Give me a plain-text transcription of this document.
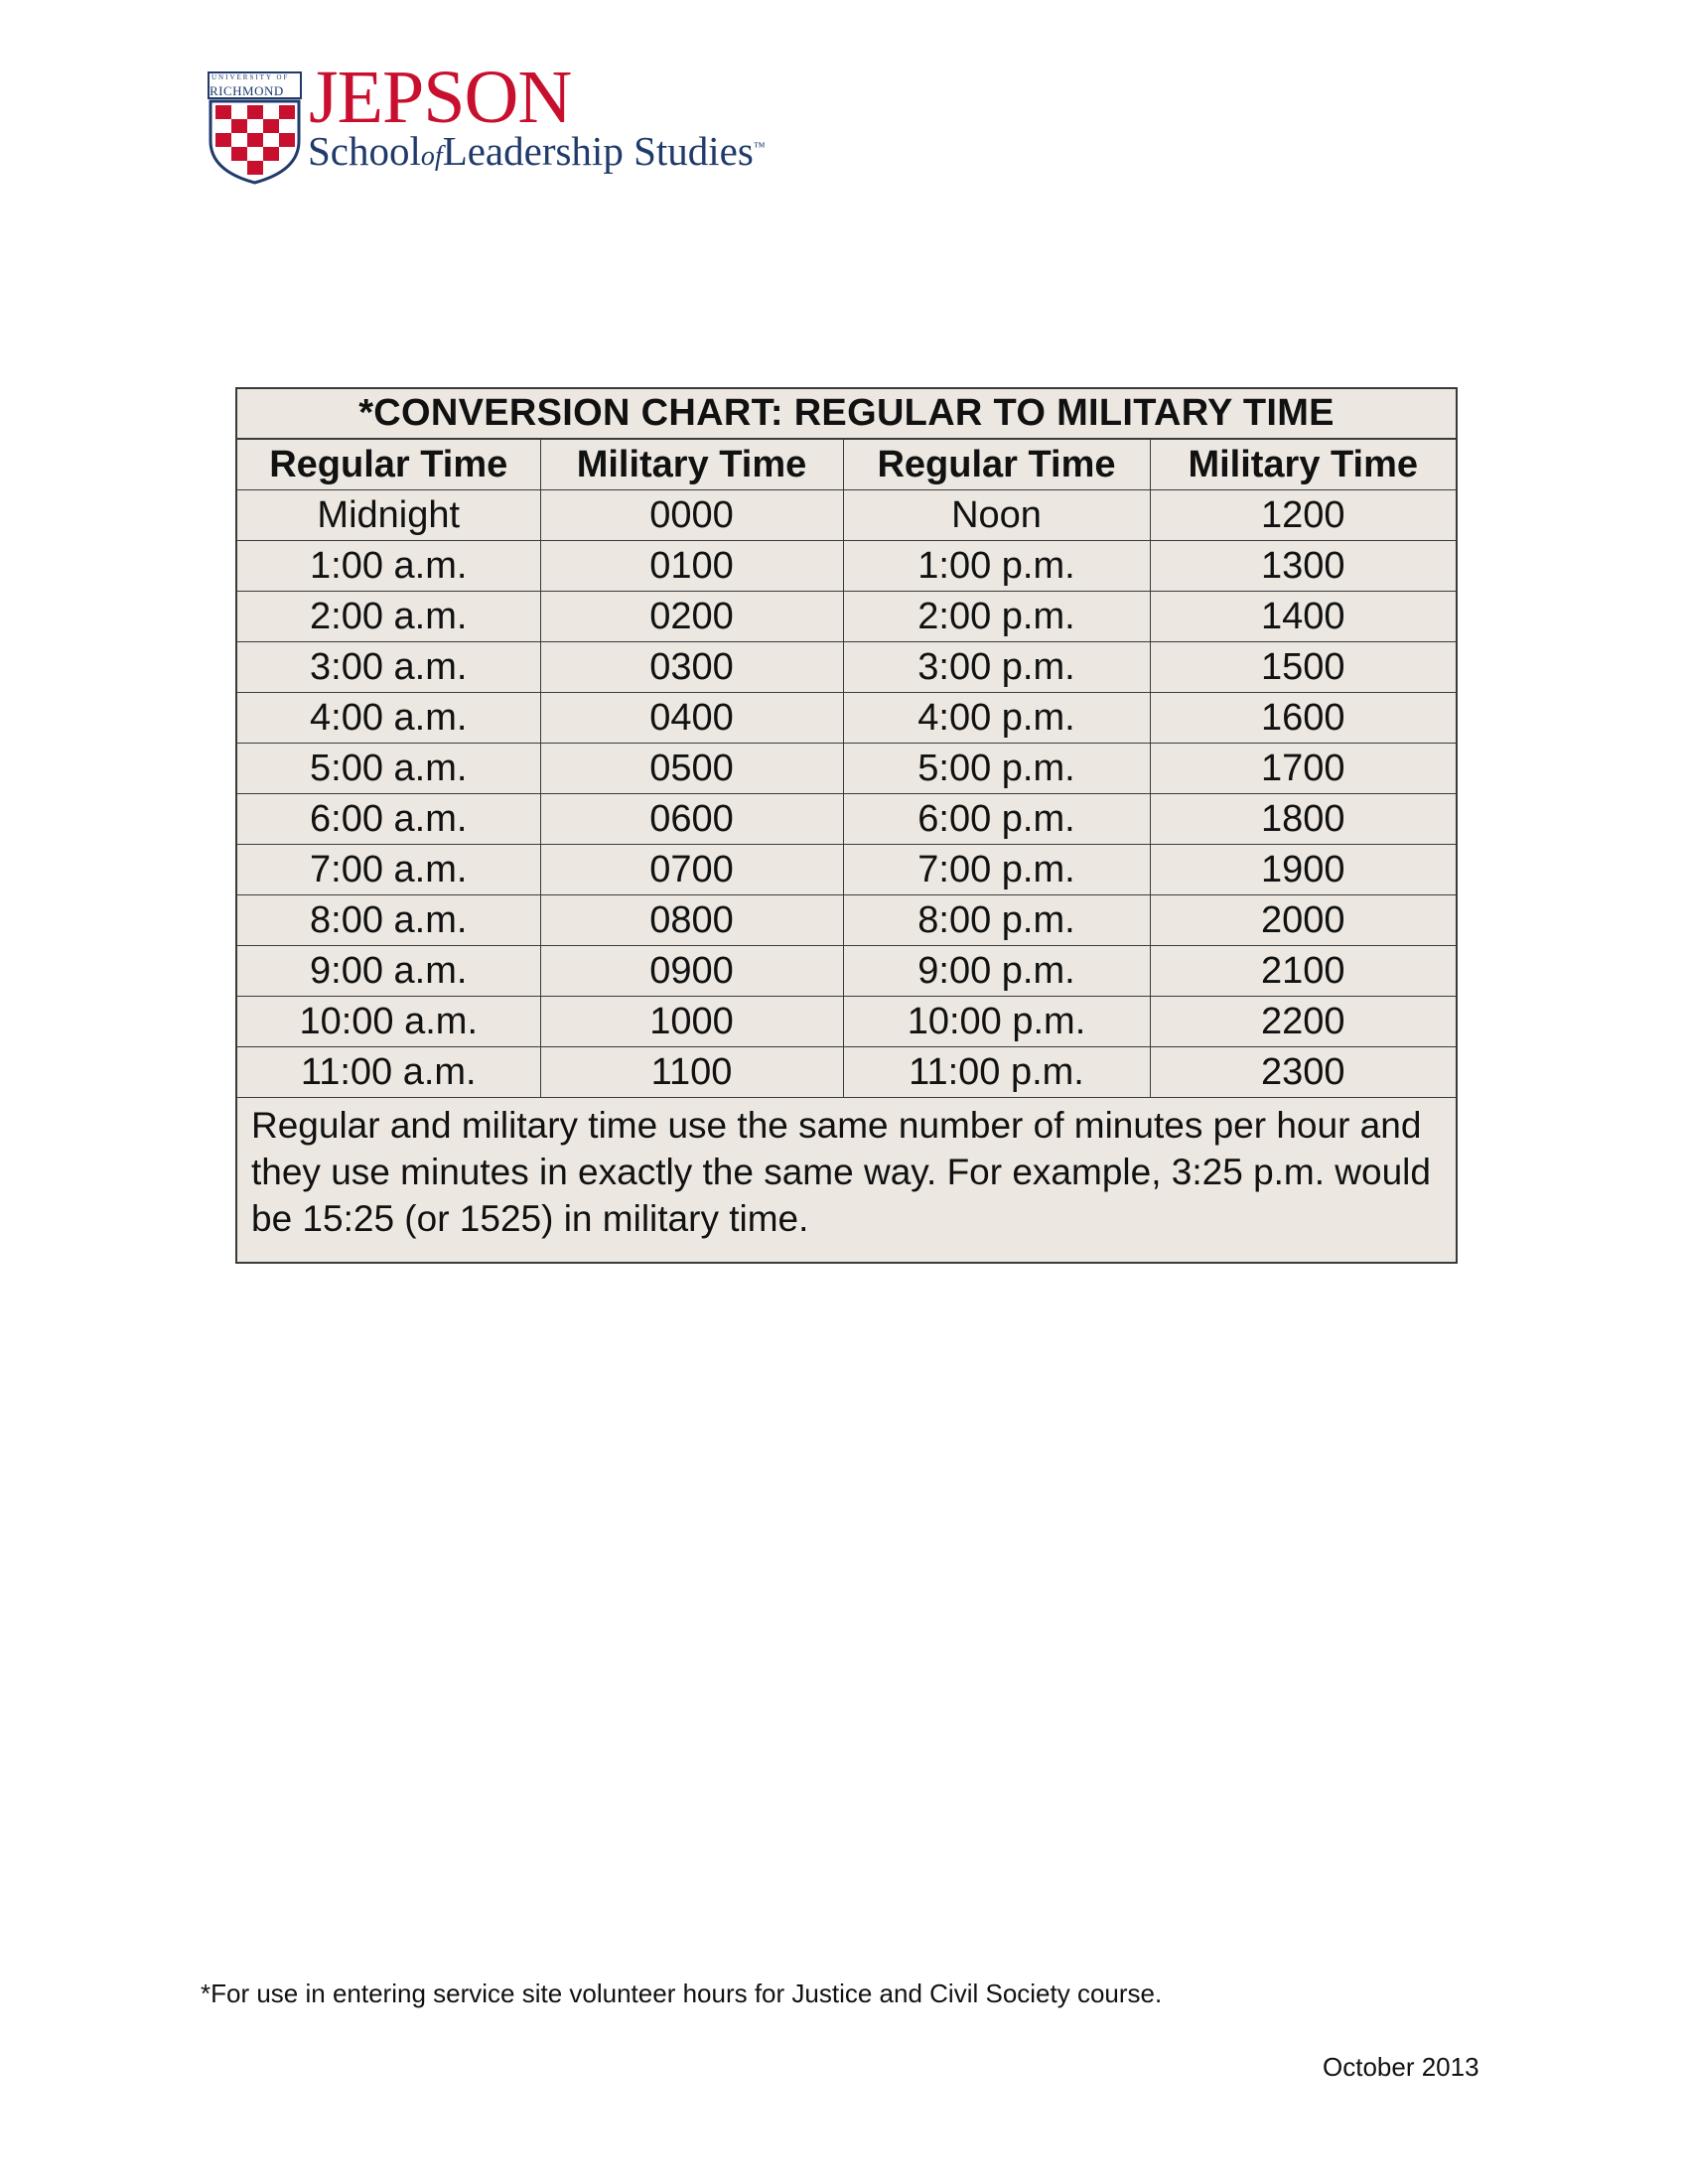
UNIVERSITY OF
RICHMOND JEPSON
SchoolofLeadership Studies™
*CONVERSION CHART: REGULAR TO MILITARY TIME			
Regular Time	Military Time	Regular Time	Military Time
Midnight	0000	Noon	1200
1:00 a.m.	0100	1:00 p.m.	1300
2:00 a.m.	0200	2:00 p.m.	1400
3:00 a.m.	0300	3:00 p.m.	1500
4:00 a.m.	0400	4:00 p.m.	1600
5:00 a.m.	0500	5:00 p.m.	1700
6:00 a.m.	0600	6:00 p.m.	1800
7:00 a.m.	0700	7:00 p.m.	1900
8:00 a.m.	0800	8:00 p.m.	2000
9:00 a.m.	0900	9:00 p.m.	2100
10:00 a.m.	1000	10:00 p.m.	2200
11:00 a.m.	1100	11:00 p.m.	2300
Regular and military time use the same number of minutes per hour and they use minutes in exactly the same way. For example, 3:25 p.m. would be 15:25 (or 1525) in military time.			
*For use in entering service site volunteer hours for Justice and Civil Society course.
October 2013
